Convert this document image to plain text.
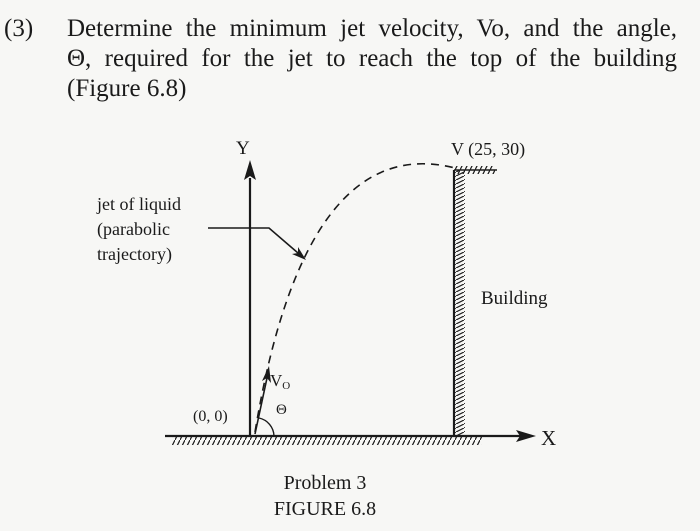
(3) Determine the minimum jet velocity, Vo, and the angle,
Θ, required for the jet to reach the top of the building
(Figure 6.8)
X
Y	V (25, 30)
Building
VO
Θ
(0, 0)
jet of liquid
(parabolic
trajectory)
Problem 3
FIGURE 6.8
